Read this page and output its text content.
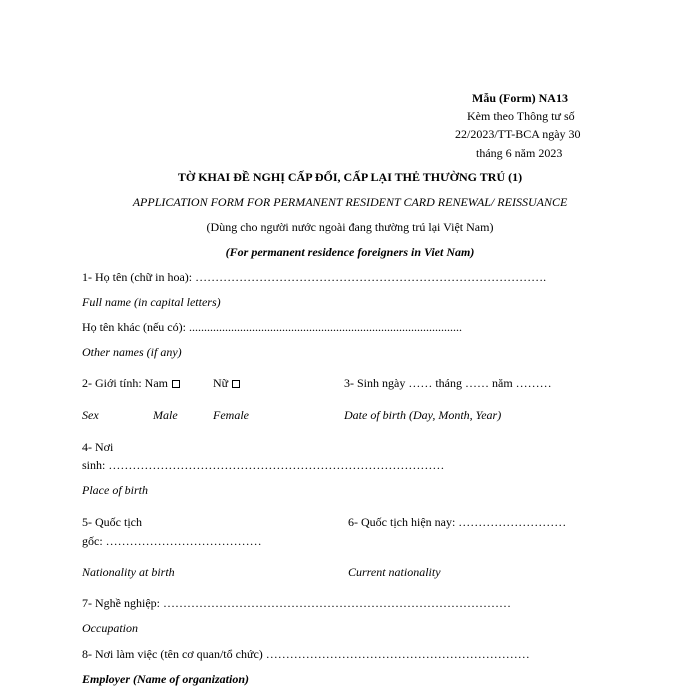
Mẫu (Form) NA13
Kèm theo Thông tư số
22/2023/TT-BCA ngày 30
tháng 6 năm 2023
TỜ KHAI ĐỀ NGHỊ CẤP ĐỔI, CẤP LẠI THẺ THƯỜNG TRÚ (1)
APPLICATION FORM FOR PERMANENT RESIDENT CARD RENEWAL/ REISSUANCE
(Dùng cho người nước ngoài đang thường trú lại Việt Nam)
(For permanent residence foreigners in Viet Nam)
1- Họ tên (chữ in hoa): …………………………………………………………………………….
Full name (in capital letters)
Họ tên khác (nếu có): ...........................................................................................
Other names (if any)
2- Giới tính: Nam	Nữ	3- Sinh ngày …… tháng …… năm ………
Sex	Male	Female	Date of birth (Day, Month, Year)
4- Nơi
sinh: …………………………………………………………………………
Place of birth
5- Quốc tịch
gốc: …………………………………
6- Quốc tịch hiện nay: ………………………
Nationality at birth	Current nationality
7- Nghề nghiệp: ……………………………………………………………………………
Occupation
8- Nơi làm việc (tên cơ quan/tổ chức) …………………………………………………………
Employer (Name of organization)
